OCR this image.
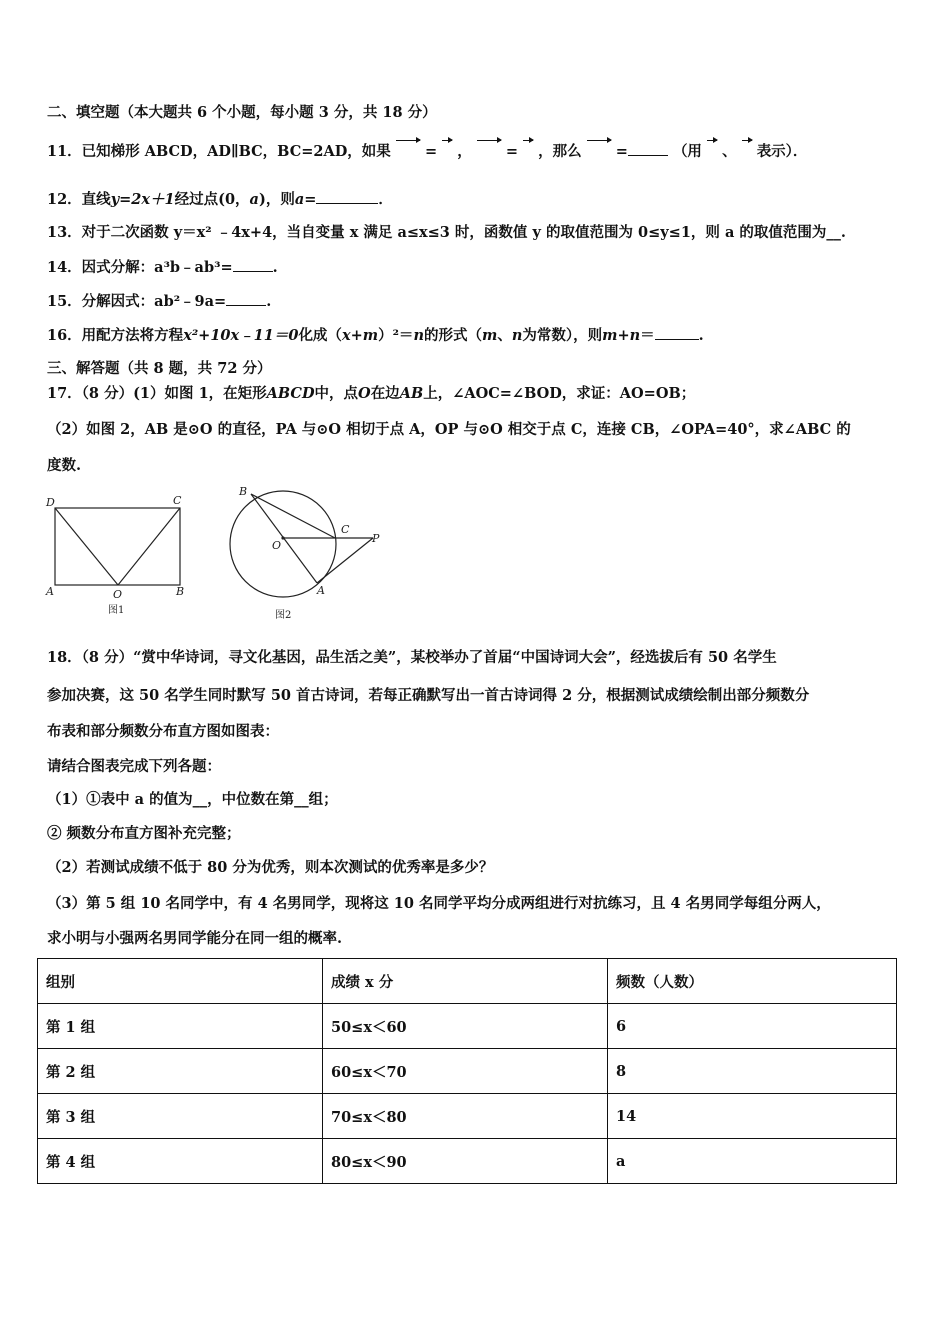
二、填空题（本大题共 6 个小题，每小题 3 分，共 18 分）
11．已知梯形 ABCD，AD∥BC，BC=2AD，如果  =  ，  =  ，那么 =	（用 、 表示）．
12．直线y=2x＋1经过点(0，a)，则a=	．
13．对于二次函数 y＝x² ﹣4x+4，当自变量 x 满足 a≤x≤3 时，函数值 y 的取值范围为 0≤y≤1，则 a 的取值范围为__.
14．因式分解：a³b﹣ab³=	.
15．分解因式：ab²﹣9a=	.
16．用配方法将方程x²+10x﹣11＝0化成（x+m）²＝n的形式（m、n为常数），则m+n＝	.
三、解答题（共 8 题，共 72 分）
17．（8 分）(1）如图 1，在矩形ABCD中，点O在边AB上，∠AOC=∠BOD，求证：AO=OB；
（2）如图 2，AB 是⊙O 的直径，PA 与⊙O 相切于点 A，OP 与⊙O 相交于点 C，连接 CB，∠OPA=40°，求∠ABC 的
度数.
D	C
A	O	B
图1
B
C
O
P
A
图2
18．（8 分）“赏中华诗词，寻文化基因，品生活之美”，某校举办了首届“中国诗词大会”，经选拔后有 50 名学生
参加决赛，这 50 名学生同时默写 50 首古诗词，若每正确默写出一首古诗词得 2 分，根据测试成绩绘制出部分频数分
布表和部分频数分布直方图如图表：
请结合图表完成下列各题：
（1）①表中 a 的值为__，中位数在第__组；
② 频数分布直方图补充完整；
（2）若测试成绩不低于 80 分为优秀，则本次测试的优秀率是多少？
（3）第 5 组 10 名同学中，有 4 名男同学，现将这 10 名同学平均分成两组进行对抗练习，且 4 名男同学每组分两人，
求小明与小强两名男同学能分在同一组的概率.
组别	成绩 x 分	频数（人数）
第 1 组	50≤x＜60	6
第 2 组	60≤x＜70	8
第 3 组	70≤x＜80	14
第 4 组	80≤x＜90	a
